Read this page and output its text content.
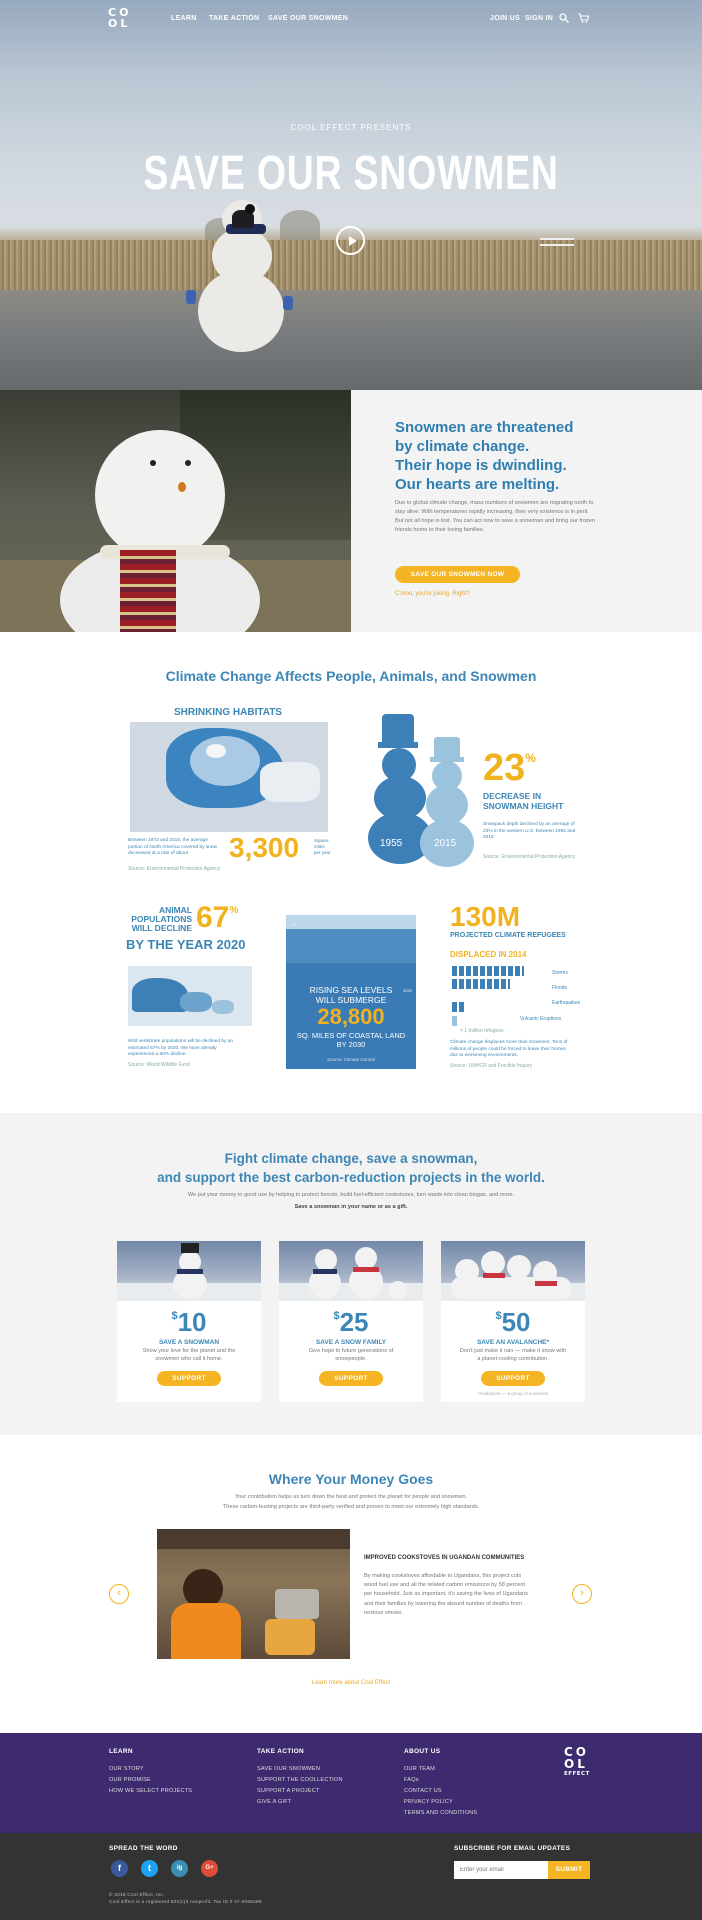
COOL EFFECT PRESENTS
SAVE OUR SNOWMEN
CO
OL	LEARN TAKE ACTION SAVE OUR SNOWMEN	JOIN US SIGN IN
Snowmen are threatened
by climate change.
Their hope is dwindling.
Our hearts are melting.
Due to global climate change, mass numbers of snowmen are migrating north to stay alive. With temperatures rapidly increasing, their very existence is in peril. But not all hope is lost. You can act now to save a snowman and bring our frozen friends home to their loving families.
SAVE OUR SNOWMEN NOW
C'mon, you're joking. Right?
Climate Change Affects People, Animals, and Snowmen
SHRINKING HABITATS
Between 1973 and 2015, the average portion of North America covered by snow decreased at a rate of about	3,300	Square miles per year
Source: Environmental Protection Agency
1955	2015
23%
DECREASE IN SNOWMAN HEIGHT
Snowpack depth declined by an average of 23% in the western U.S. between 1955 and 2015.
Source: Environmental Protection Agency
ANIMAL POPULATIONS WILL DECLINE 67%
BY THE YEAR 2020
Wild vertebrate populations will be declined by an estimated 67% by 2020. We have already experienced a 58% decline.
Source: World Wildlife Fund
2017
2030
RISING SEA LEVELS
WILL SUBMERGE
28,800
SQ. MILES OF COASTAL LAND
BY 2030
Source: Climate Central
130M
PROJECTED CLIMATE REFUGEES
DISPLACED IN 2014
Storms
Floods
Earthquakes
Volcanic Eruptions
= 1 million refugees
Climate change displaces more than snowmen. Tens of millions of people could be forced to leave their homes due to worsening environments.
Source: UNHCR and Forcible Inquiry
Fight climate change, save a snowman,
and support the best carbon-reduction projects in the world.
We put your money to good use by helping to protect forests, build fuel-efficient cookstoves, turn waste into clean biogas, and more.
Save a snowman in your name or as a gift.
$10
SAVE A SNOWMAN
Show your love for the planet and the snowmen who call it home.
SUPPORT
$25
SAVE A SNOW FAMILY
Give hope to future generations of snowpeople.
SUPPORT
$50
SAVE AN AVALANCHE*
Don't just make it rain — make it snow with a planet-cooling contribution.
SUPPORT
*Avalanche — a group of snowmen
Where Your Money Goes
Your contribution helps us turn down the heat and protect the planet for people and snowmen.
These carbon-busting projects are third-party verified and proven to meet our extremely high standards.
IMPROVED COOKSTOVES IN UGANDAN COMMUNITIES
By making cookstoves affordable to Ugandans, this project cuts wood fuel use and all the related carbon emissions by 58 percent per household. Just as important, it's saving the lives of Ugandans and their families by lowering the absurd number of deaths from noxious smoke.
‹	›
Learn more about Cool Effect
LEARN
OUR STORY
OUR PROMISE
HOW WE SELECT PROJECTS
TAKE ACTION
SAVE OUR SNOWMEN
SUPPORT THE COOLLECTION
SUPPORT A PROJECT
GIVE A GIFT
ABOUT US
OUR TEAM
FAQs
CONTACT US
PRIVACY POLICY
TERMS AND CONDITIONS
CO
OL
EFFECT
SPREAD THE WORD
f	t	ig	G+
© 2018 Cool Effect, Inc.
Cool Effect is a registered 501(c)3 nonprofit. Tax ID # 47-5068486.
SUBSCRIBE FOR EMAIL UPDATES
Enter your email
SUBMIT
